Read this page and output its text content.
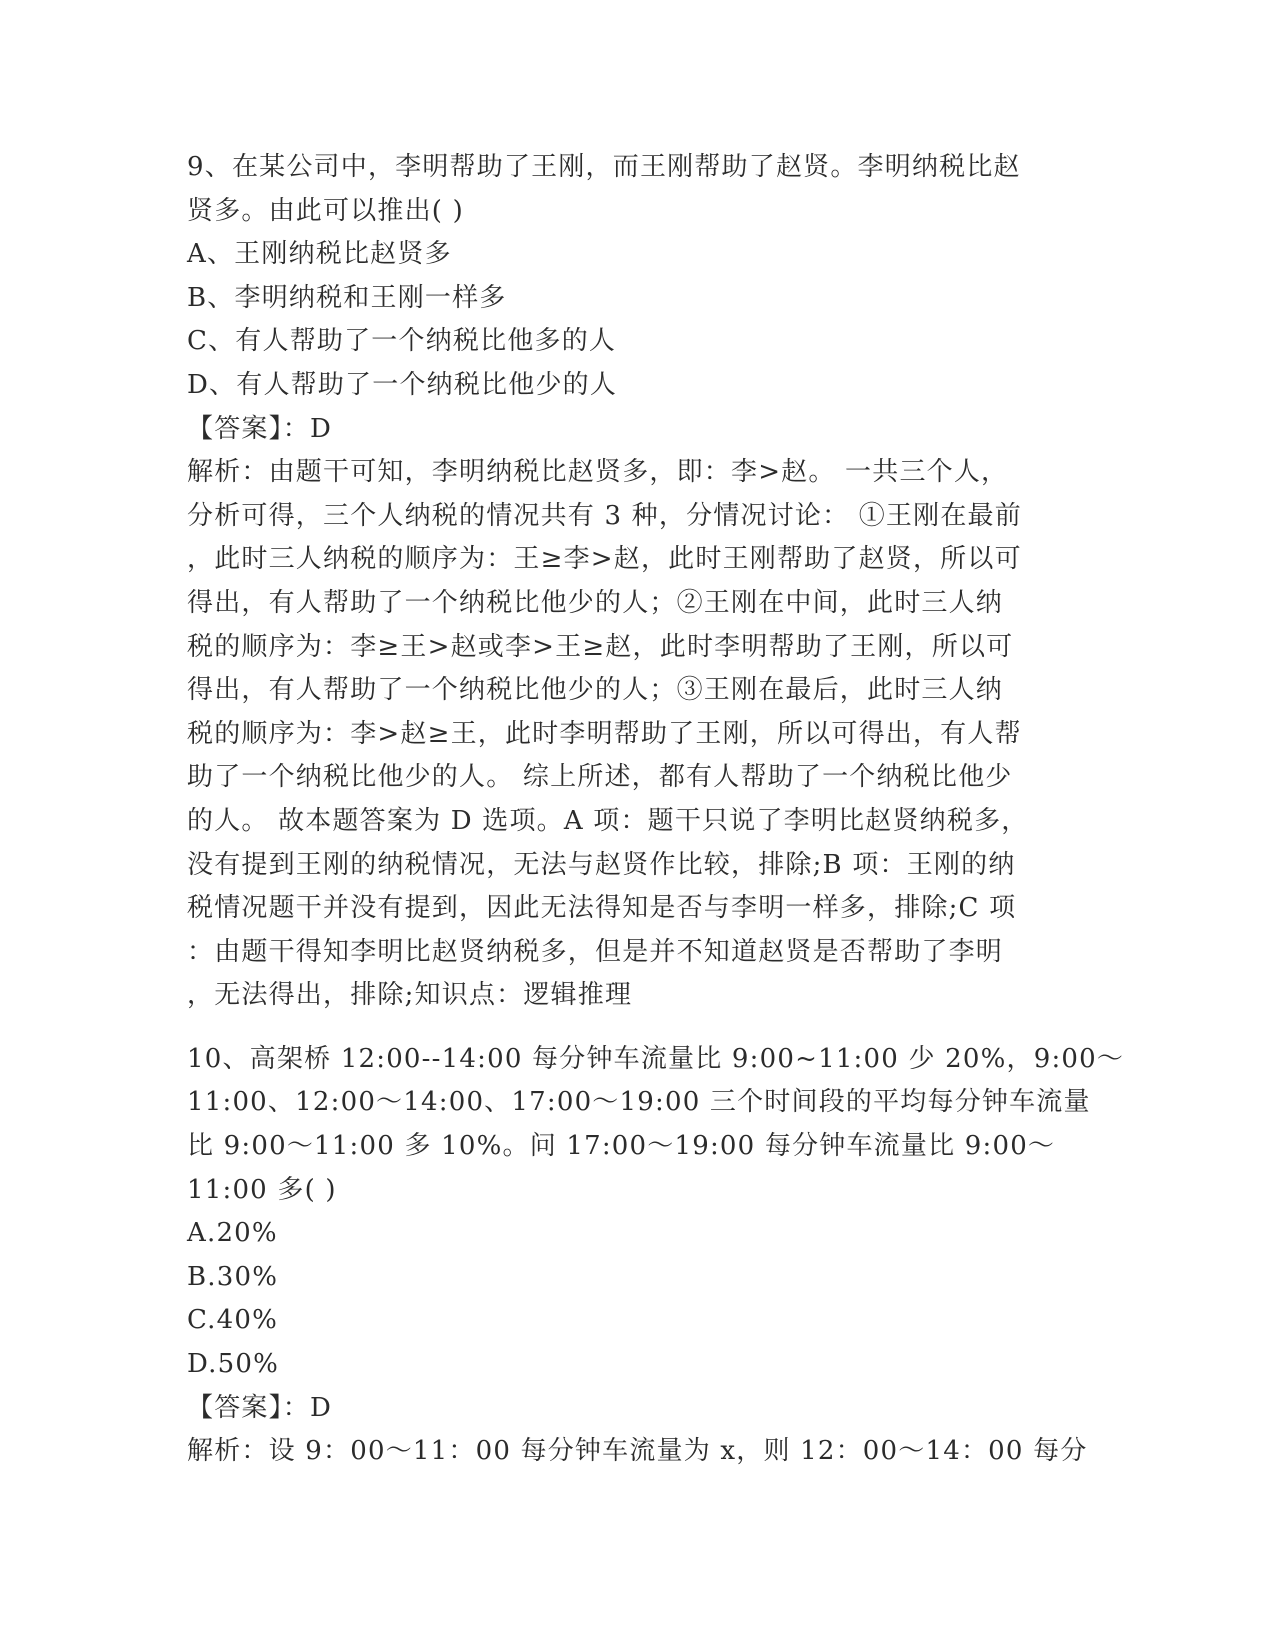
9、在某公司中，李明帮助了王刚，而王刚帮助了赵贤。李明纳税比赵
贤多。由此可以推出( )
A、王刚纳税比赵贤多
B、李明纳税和王刚一样多
C、有人帮助了一个纳税比他多的人
D、有人帮助了一个纳税比他少的人
【答案】：D
解析：由题干可知，李明纳税比赵贤多，即：李>赵。 一共三个人，
分析可得，三个人纳税的情况共有 3 种，分情况讨论： ①王刚在最前
，此时三人纳税的顺序为：王≥李>赵，此时王刚帮助了赵贤，所以可
得出，有人帮助了一个纳税比他少的人；②王刚在中间，此时三人纳
税的顺序为：李≥王>赵或李>王≥赵，此时李明帮助了王刚，所以可
得出，有人帮助了一个纳税比他少的人；③王刚在最后，此时三人纳
税的顺序为：李>赵≥王，此时李明帮助了王刚，所以可得出，有人帮
助了一个纳税比他少的人。 综上所述，都有人帮助了一个纳税比他少
的人。 故本题答案为 D 选项。A 项：题干只说了李明比赵贤纳税多，
没有提到王刚的纳税情况，无法与赵贤作比较，排除;B 项：王刚的纳
税情况题干并没有提到，因此无法得知是否与李明一样多，排除;C 项
：由题干得知李明比赵贤纳税多，但是并不知道赵贤是否帮助了李明
，无法得出，排除;知识点：逻辑推理
10、高架桥 12:00--14:00 每分钟车流量比 9:00~11:00 少 20%，9:00～
11:00、12:00～14:00、17:00～19:00 三个时间段的平均每分钟车流量
比 9:00～11:00 多 10%。问 17:00～19:00 每分钟车流量比 9:00～
11:00 多( )
A.20%
B.30%
C.40%
D.50%
【答案】：D
解析：设 9：00～11：00 每分钟车流量为 x，则 12：00～14：00 每分
